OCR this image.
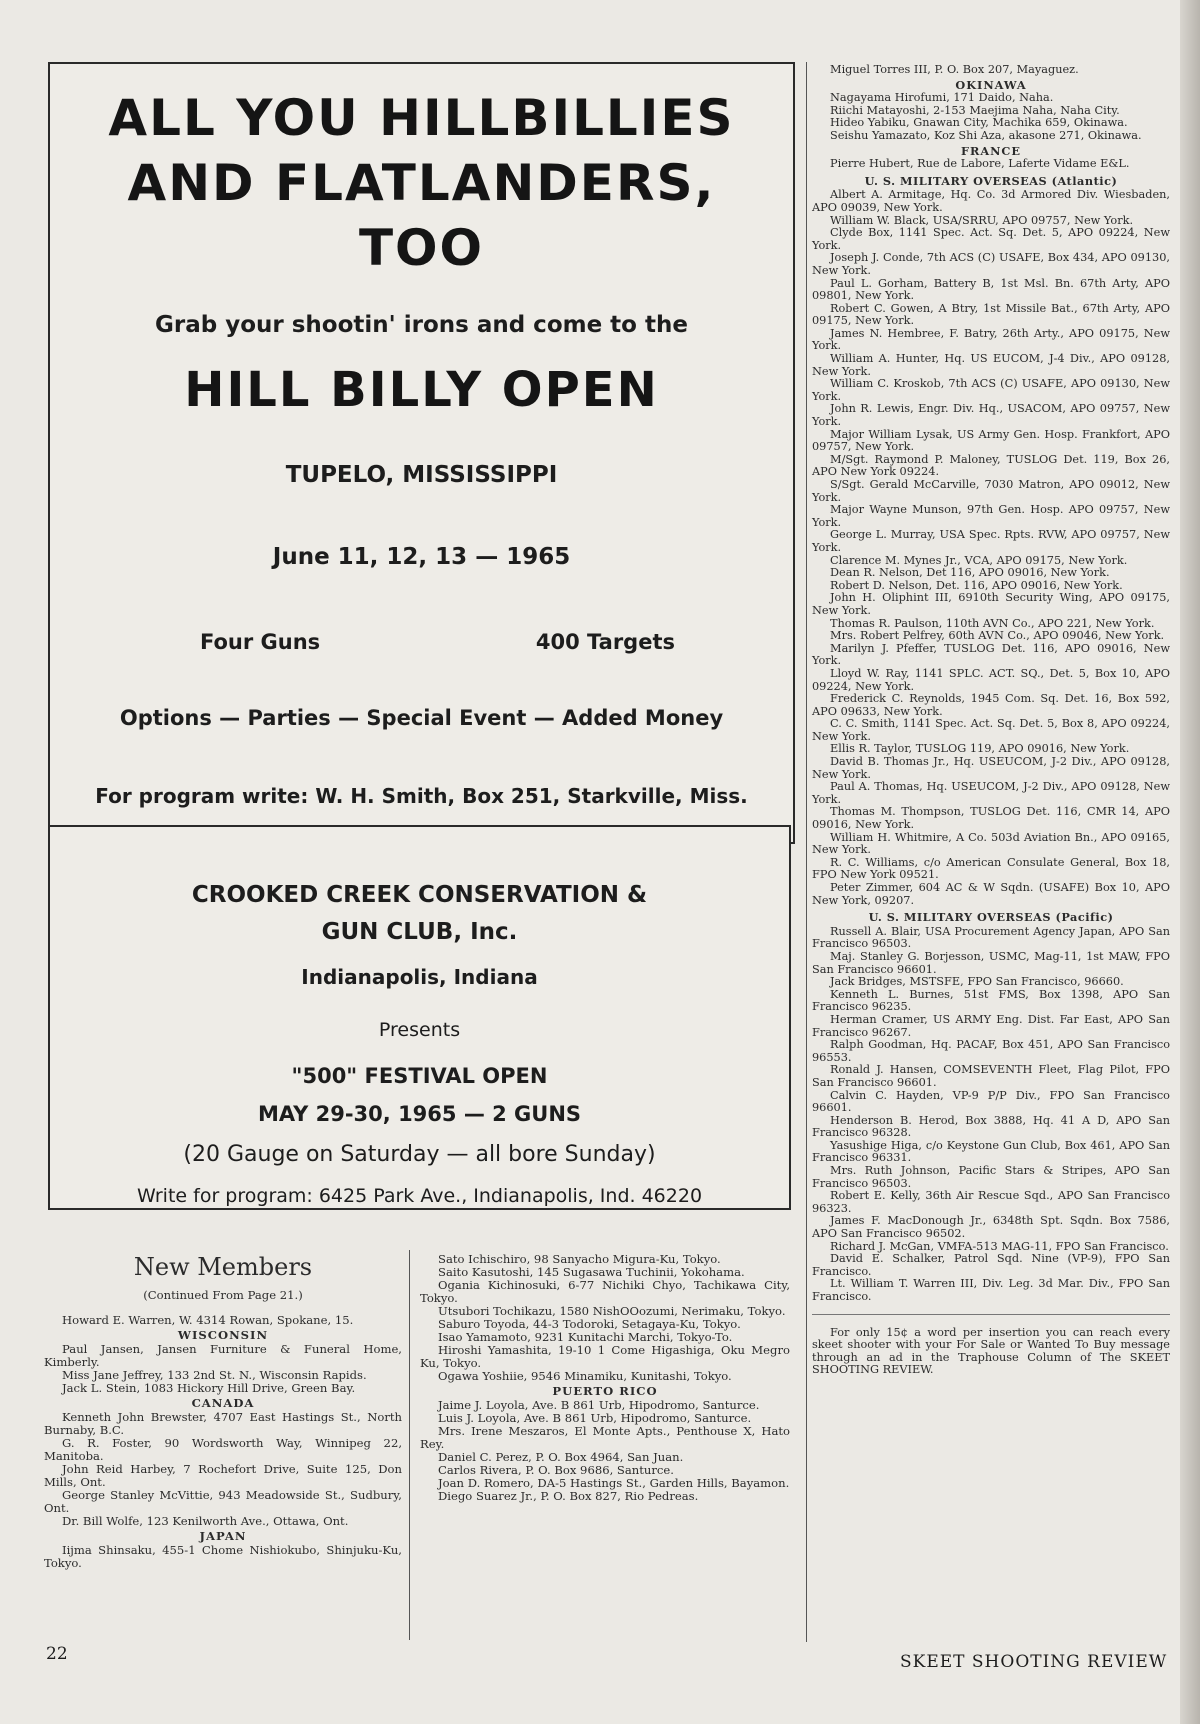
ALL YOU HILLBILLIES
AND FLATLANDERS,
TOO
Grab your shootin' irons and come to the
HILL BILLY OPEN
TUPELO, MISSISSIPPI
June 11, 12, 13 — 1965
Four Guns	400 Targets
Options — Parties — Special Event — Added Money
For program write: W. H. Smith, Box 251, Starkville, Miss.
CROOKED CREEK CONSERVATION &
GUN CLUB, Inc.
Indianapolis, Indiana
Presents
"500" FESTIVAL OPEN
MAY 29-30, 1965 — 2 GUNS
(20 Gauge on Saturday — all bore Sunday)
Write for program: 6425 Park Ave., Indianapolis, Ind. 46220

New Members

(Continued From Page 21.)

Howard E. Warren, W. 4314 Rowan, Spokane, 15.

WISCONSIN

Paul Jansen, Jansen Furniture & Funeral Home, Kimberly.

Miss Jane Jeffrey, 133 2nd St. N., Wisconsin Rapids.

Jack L. Stein, 1083 Hickory Hill Drive, Green Bay.

CANADA

Kenneth John Brewster, 4707 East Hastings St., North Burnaby, B.C.

G. R. Foster, 90 Wordsworth Way, Winnipeg 22, Manitoba.

John Reid Harbey, 7 Rochefort Drive, Suite 125, Don Mills, Ont.

George Stanley McVittie, 943 Meadowside St., Sudbury, Ont.

Dr. Bill Wolfe, 123 Kenilworth Ave., Ottawa, Ont.

JAPAN

Iijma Shinsaku, 455-1 Chome Nishiokubo, Shinjuku-Ku, Tokyo.

Sato Ichischiro, 98 Sanyacho Migura-Ku, Tokyo.

Saito Kasutoshi, 145 Sugasawa Tuchinii, Yokohama.

Ogania Kichinosuki, 6-77 Nichiki Chyo, Tachikawa City, Tokyo.

Utsubori Tochikazu, 1580 NishOOozumi, Nerimaku, Tokyo.

Saburo Toyoda, 44-3 Todoroki, Setagaya-Ku, Tokyo.

Isao Yamamoto, 9231 Kunitachi Marchi, Tokyo-To.

Hiroshi Yamashita, 19-10 1 Come Higashiga, Oku Megro Ku, Tokyo.

Ogawa Yoshiie, 9546 Minamiku, Kunitashi, Tokyo.

PUERTO RICO

Jaime J. Loyola, Ave. B 861 Urb, Hipodromo, Santurce.

Luis J. Loyola, Ave. B 861 Urb, Hipodromo, Santurce.

Mrs. Irene Meszaros, El Monte Apts., Penthouse X, Hato Rey.

Daniel C. Perez, P. O. Box 4964, San Juan.

Carlos Rivera, P. O. Box 9686, Santurce.

Joan D. Romero, DA-5 Hastings St., Garden Hills, Bayamon.

Diego Suarez Jr., P. O. Box 827, Rio Pedreas.

Miguel Torres III, P. O. Box 207, Mayaguez.

OKINAWA

Nagayama Hirofumi, 171 Daido, Naha.

Riichi Matayoshi, 2-153 Maejima Naha, Naha City.

Hideo Yabiku, Gnawan City, Machika 659, Okinawa.

Seishu Yamazato, Koz Shi Aza, akasone 271, Okinawa.

FRANCE

Pierre Hubert, Rue de Labore, Laferte Vidame E&L.

U. S. MILITARY OVERSEAS (Atlantic)

Albert A. Armitage, Hq. Co. 3d Armored Div. Wiesbaden, APO 09039, New York.

William W. Black, USA/SRRU, APO 09757, New York.

Clyde Box, 1141 Spec. Act. Sq. Det. 5, APO 09224, New York.

Joseph J. Conde, 7th ACS (C) USAFE, Box 434, APO 09130, New York.

Paul L. Gorham, Battery B, 1st Msl. Bn. 67th Arty, APO 09801, New York.

Robert C. Gowen, A Btry, 1st Missile Bat., 67th Arty, APO 09175, New York.

James N. Hembree, F. Batry, 26th Arty., APO 09175, New York.

William A. Hunter, Hq. US EUCOM, J-4 Div., APO 09128, New York.

William C. Kroskob, 7th ACS (C) USAFE, APO 09130, New York.

John R. Lewis, Engr. Div. Hq., USACOM, APO 09757, New York.

Major William Lysak, US Army Gen. Hosp. Frankfort, APO 09757, New York.

M/Sgt. Raymond P. Maloney, TUSLOG Det. 119, Box 26, APO New York 09224.

S/Sgt. Gerald McCarville, 7030 Matron, APO 09012, New York.

Major Wayne Munson, 97th Gen. Hosp. APO 09757, New York.

George L. Murray, USA Spec. Rpts. RVW, APO 09757, New York.

Clarence M. Mynes Jr., VCA, APO 09175, New York.

Dean R. Nelson, Det 116, APO 09016, New York.

Robert D. Nelson, Det. 116, APO 09016, New York.

John H. Oliphint III, 6910th Security Wing, APO 09175, New York.

Thomas R. Paulson, 110th AVN Co., APO 221, New York.

Mrs. Robert Pelfrey, 60th AVN Co., APO 09046, New York.

Marilyn J. Pfeffer, TUSLOG Det. 116, APO 09016, New York.

Lloyd W. Ray, 1141 SPLC. ACT. SQ., Det. 5, Box 10, APO 09224, New York.

Frederick C. Reynolds, 1945 Com. Sq. Det. 16, Box 592, APO 09633, New York.

C. C. Smith, 1141 Spec. Act. Sq. Det. 5, Box 8, APO 09224, New York.

Ellis R. Taylor, TUSLOG 119, APO 09016, New York.

David B. Thomas Jr., Hq. USEUCOM, J-2 Div., APO 09128, New York.

Paul A. Thomas, Hq. USEUCOM, J-2 Div., APO 09128, New York.

Thomas M. Thompson, TUSLOG Det. 116, CMR 14, APO 09016, New York.

William H. Whitmire, A Co. 503d Aviation Bn., APO 09165, New York.

R. C. Williams, c/o American Consulate General, Box 18, FPO New York 09521.

Peter Zimmer, 604 AC & W Sqdn. (USAFE) Box 10, APO New York, 09207.

U. S. MILITARY OVERSEAS (Pacific)

Russell A. Blair, USA Procurement Agency Japan, APO San Francisco 96503.

Maj. Stanley G. Borjesson, USMC, Mag-11, 1st MAW, FPO San Francisco 96601.

Jack Bridges, MSTSFE, FPO San Francisco, 96660.

Kenneth L. Burnes, 51st FMS, Box 1398, APO San Francisco 96235.

Herman Cramer, US ARMY Eng. Dist. Far East, APO San Francisco 96267.

Ralph Goodman, Hq. PACAF, Box 451, APO San Francisco 96553.

Ronald J. Hansen, COMSEVENTH Fleet, Flag Pilot, FPO San Francisco 96601.

Calvin C. Hayden, VP-9 P/P Div., FPO San Francisco 96601.

Henderson B. Herod, Box 3888, Hq. 41 A D, APO San Francisco 96328.

Yasushige Higa, c/o Keystone Gun Club, Box 461, APO San Francisco 96331.

Mrs. Ruth Johnson, Pacific Stars & Stripes, APO San Francisco 96503.

Robert E. Kelly, 36th Air Rescue Sqd., APO San Francisco 96323.

James F. MacDonough Jr., 6348th Spt. Sqdn. Box 7586, APO San Francisco 96502.

Richard J. McGan, VMFA-513 MAG-11, FPO San Francisco.

David E. Schalker, Patrol Sqd. Nine (VP-9), FPO San Francisco.

Lt. William T. Warren III, Div. Leg. 3d Mar. Div., FPO San Francisco.

For only 15¢ a word per insertion you can reach every skeet shooter with your For Sale or Wanted To Buy message through an ad in the Traphouse Column of The SKEET SHOOTING REVIEW.

22	SKEET SHOOTING REVIEW
